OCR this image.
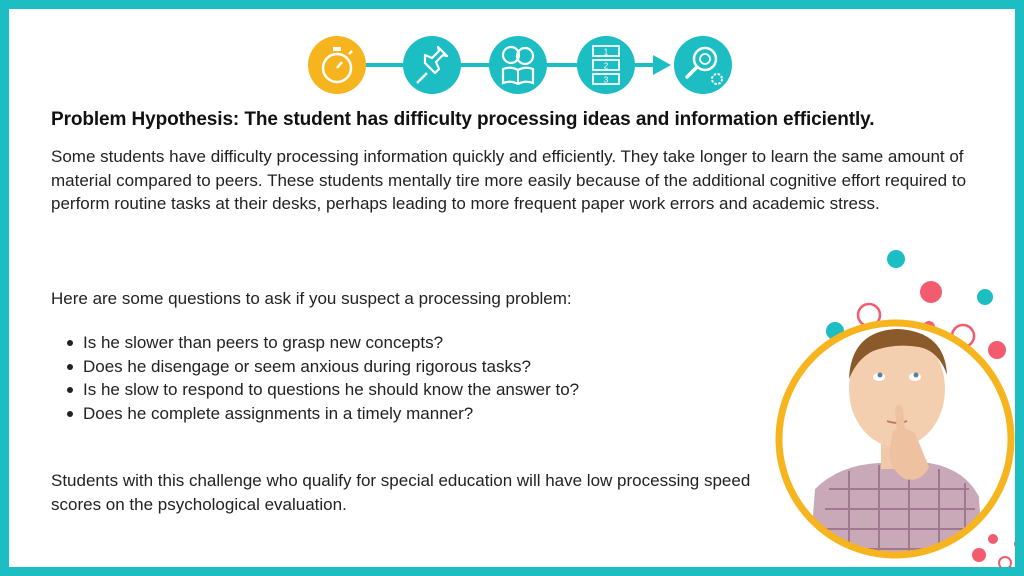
1
2
3
Problem Hypothesis: The student has difficulty processing ideas and information efficiently.
Some students have difficulty processing information quickly and efficiently. They take longer to learn the same amount of material compared to peers. These students mentally tire more easily because of the additional cognitive effort required to perform routine tasks at their desks, perhaps leading to more frequent paper work errors and academic stress.
Here are some questions to ask if you suspect a processing problem:
Is he slower than peers to grasp new concepts?
Does he disengage or seem anxious during rigorous tasks?
Is he slow to respond to questions he should know the answer to?
Does he complete assignments in a timely manner?
Students with this challenge who qualify for special education will have low processing speed scores on the psychological evaluation.
